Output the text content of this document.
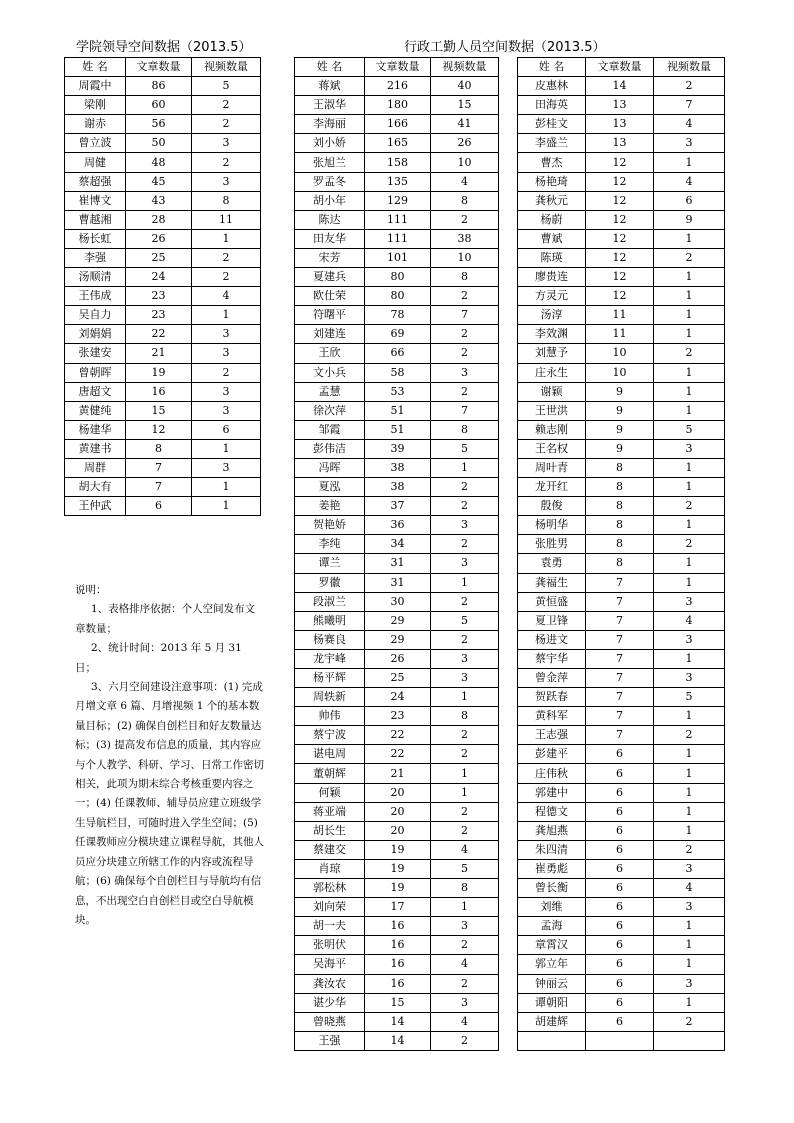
学院领导空间数据（2013.5）	行政工勤人员空间数据（2013.5）
姓 名	文章数量	视频数量
周霞中	86	5
梁刚	60	2
谢赤	56	2
曾立波	50	3
周健	48	2
蔡超强	45	3
崔博文	43	8
曹越湘	28	11
杨长虹	26	1
李强	25	2
汤顺清	24	2
王伟成	23	4
吴自力	23	1
刘娟娟	22	3
张建安	21	3
曾朝晖	19	2
唐超文	16	3
黄健纯	15	3
杨建华	12	6
黄建书	8	1
周群	7	3
胡大有	7	1
王仲武	6	1
姓 名	文章数量	视频数量
蒋斌	216	40
王淑华	180	15
李海丽	166	41
刘小娇	165	26
张旭兰	158	10
罗孟冬	135	4
胡小年	129	8
陈达	111	2
田友华	111	38
宋芳	101	10
夏建兵	80	8
欧仕荣	80	2
符曙平	78	7
刘建连	69	2
王欣	66	2
文小兵	58	3
孟慧	53	2
徐次萍	51	7
邹霞	51	8
彭伟洁	39	5
冯晖	38	1
夏泓	38	2
姜艳	37	2
贺艳娇	36	3
李纯	34	2
谭兰	31	3
罗徽	31	1
段淑兰	30	2
熊曦明	29	5
杨赛良	29	2
龙宇峰	26	3
杨平辉	25	3
周轶新	24	1
帅伟	23	8
蔡宁波	22	2
谌电周	22	2
董朝辉	21	1
何颖	20	1
蒋亚端	20	2
胡长生	20	2
蔡建交	19	4
肖琼	19	5
郭松林	19	8
刘向荣	17	1
胡一夫	16	3
张明伏	16	2
吴海平	16	4
龚汝农	16	2
谌少华	15	3
曾晓燕	14	4
王强	14	2
姓 名	文章数量	视频数量
皮惠林	14	2
田海英	13	7
彭桂文	13	4
李盛兰	13	3
曹杰	12	1
杨艳琦	12	4
龚秋元	12	6
杨蔚	12	9
曹斌	12	1
陈瑛	12	2
廖贵连	12	1
方灵元	12	1
汤淳	11	1
李效渊	11	1
刘慧予	10	2
庄永生	10	1
谢颖	9	1
王世洪	9	1
赖志刚	9	5
王名权	9	3
周叶青	8	1
龙开红	8	1
殷俊	8	2
杨明华	8	1
张胜男	8	2
袁勇	8	1
龚福生	7	1
黄恒盛	7	3
夏卫锋	7	4
杨进文	7	3
蔡宇华	7	1
曾金萍	7	3
贺跃春	7	5
黄科军	7	1
王志强	7	2
彭建平	6	1
庄伟秋	6	1
郭建中	6	1
程德文	6	1
龚旭燕	6	1
朱四清	6	2
崔勇彪	6	3
曾长衡	6	4
刘维	6	3
孟海	6	1
章霄汉	6	1
郭立年	6	1
钟丽云	6	3
谭朝阳	6	1
胡建辉	6	2

说明：

1、表格排序依据：个人空间发布文章数量；

2、统计时间：2013 年 5 月 31 日；

3、六月空间建设注意事项：(1) 完成月增文章 6 篇、月增视频 1 个的基本数量目标；(2) 确保自创栏目和好友数量达标；(3) 提高发布信息的质量，其内容应与个人教学、科研、学习、日常工作密切相关，此项为期末综合考核重要内容之一；(4) 任课教师、辅导员应建立班级学生导航栏目，可随时进入学生空间；(5) 任课教师应分模块建立课程导航，其他人员应分块建立所辖工作的内容或流程导航；(6) 确保每个自创栏目与导航均有信息，不出现空白自创栏目或空白导航模块。
